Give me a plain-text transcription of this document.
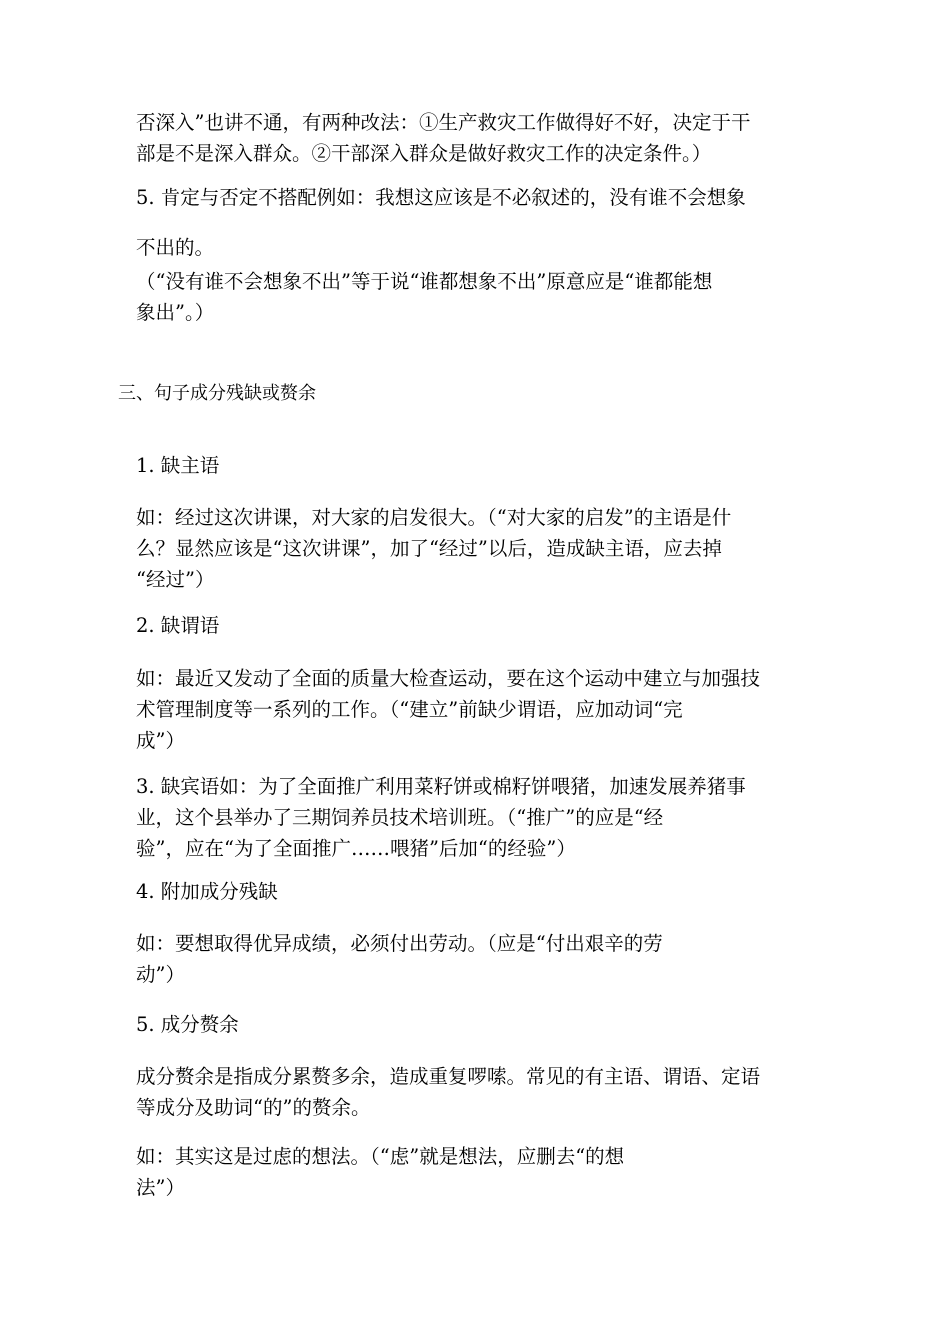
否深入”也讲不通，有两种改法：①生产救灾工作做得好不好，决定于干
部是不是深入群众。②干部深入群众是做好救灾工作的决定条件。）

5. 肯定与否定不搭配例如：我想这应该是不必叙述的，没有谁不会想象

不出的。

（“没有谁不会想象不出”等于说“谁都想象不出”原意应是“谁都能想
象出”。）

三、句子成分残缺或赘余

1. 缺主语

如：经过这次讲课，对大家的启发很大。（“对大家的启发”的主语是什
么？显然应该是“这次讲课”，加了“经过”以后，造成缺主语，应去掉
“经过”）

2. 缺谓语

如：最近又发动了全面的质量大检查运动，要在这个运动中建立与加强技
术管理制度等一系列的工作。（“建立”前缺少谓语，应加动词“完
成”）

3. 缺宾语如：为了全面推广利用菜籽饼或棉籽饼喂猪，加速发展养猪事
业，这个县举办了三期饲养员技术培训班。（“推广”的应是“经
验”，应在“为了全面推广……喂猪”后加“的经验”）

4. 附加成分残缺

如：要想取得优异成绩，必须付出劳动。（应是“付出艰辛的劳
动”）

5. 成分赘余

成分赘余是指成分累赘多余，造成重复啰嗦。常见的有主语、谓语、定语
等成分及助词“的”的赘余。

如：其实这是过虑的想法。（“虑”就是想法，应删去“的想
法”）
